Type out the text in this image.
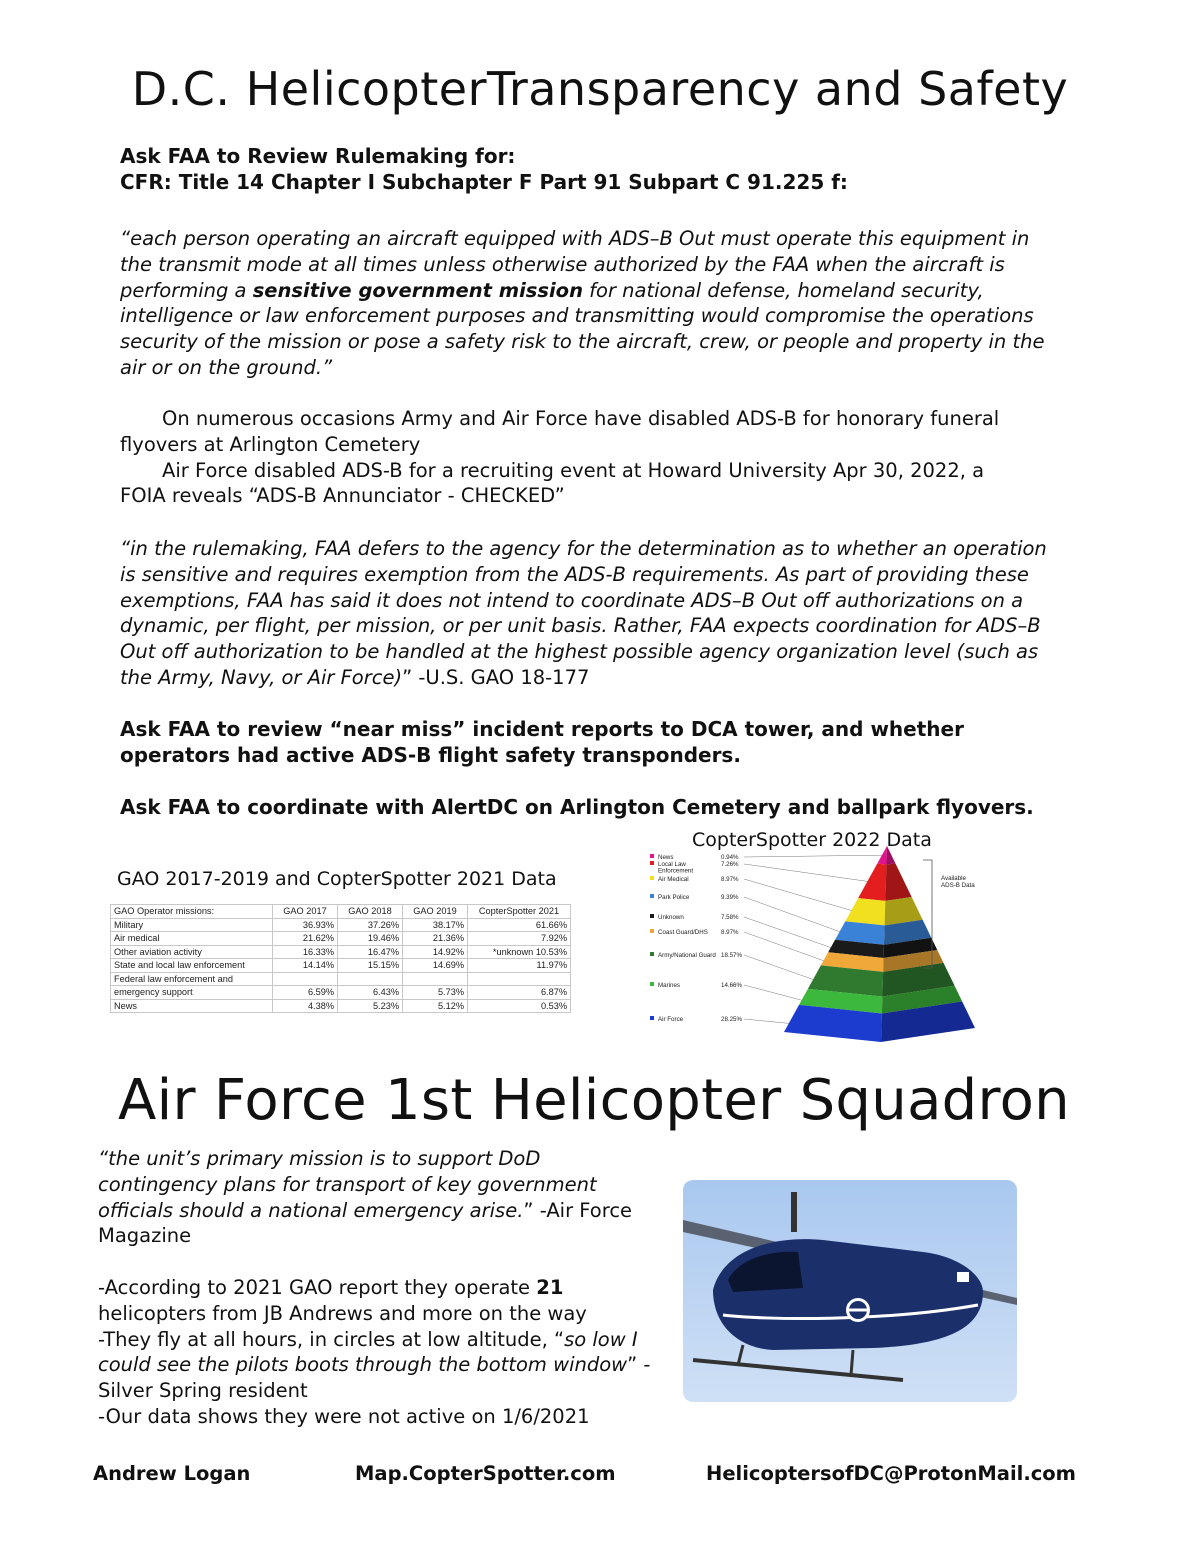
D.C. HelicopterTransparency and Safety
Ask FAA to Review Rulemaking for:
CFR: Title 14 Chapter I Subchapter F Part 91 Subpart C 91.225 f:
“each person operating an aircraft equipped with ADS–B Out must operate this equipment in the transmit mode at all times unless otherwise authorized by the FAA when the aircraft is performing a sensitive government mission for national defense, homeland security, intelligence or law enforcement purposes and transmitting would compromise the operations security of the mission or pose a safety risk to the aircraft, crew, or people and property in the air or on the ground.”
On numerous occasions Army and Air Force have disabled ADS-B for honorary funeral flyovers at Arlington Cemetery
Air Force disabled ADS-B for a recruiting event at Howard University Apr 30, 2022, a FOIA reveals “ADS-B Annunciator - CHECKED”
“in the rulemaking, FAA defers to the agency for the determination as to whether an operation is sensitive and requires exemption from the ADS-B requirements. As part of providing these exemptions, FAA has said it does not intend to coordinate ADS–B Out off authorizations on a dynamic, per flight, per mission, or per unit basis. Rather, FAA expects coordination for ADS–B Out off authorization to be handled at the highest possible agency organization level (such as the Army, Navy, or Air Force)” -U.S. GAO 18-177
Ask FAA to review “near miss” incident reports to DCA tower, and whether operators had active ADS-B flight safety transponders.
Ask FAA to coordinate with AlertDC on Arlington Cemetery and ballpark flyovers.
GAO 2017-2019 and CopterSpotter 2021 Data
GAO Operator missions:	GAO 2017	GAO 2018	GAO 2019	CopterSpotter 2021
Military	36.93%	37.26%	38.17%	61.66%
Air medical	21.62%	19.46%	21.36%	7.92%
Other aviation activity	16.33%	16.47%	14.92%	*unknown 10.53%
State and local law enforcement	14.14%	15.15%	14.69%	11.97%
Federal law enforcement and				
emergency support	6.59%	6.43%	5.73%	6.87%
News	4.38%	5.23%	5.12%	0.53%
CopterSpotter 2022 Data
News	0.94%
Local Law
Enforcement
7.26%
Air Medical	8.97%
Park Police	9.39%
Unknown	7.58%
Coast Guard/DHS 8.97%
Army/National Guard 18.57%
Marines	14.66%
Air Force	28.25%
Available
ADS-B Data
Air Force 1st Helicopter Squadron
“the unit’s primary mission is to support DoD contingency plans for transport of key government officials should a national emergency arise.” -Air Force Magazine
-According to 2021 GAO report they operate 21 helicopters from JB Andrews and more on the way
-They fly at all hours, in circles at low altitude, “so low I could see the pilots boots through the bottom window” - Silver Spring resident
-Our data shows they were not active on 1/6/2021
Andrew Logan	Map.CopterSpotter.com	HelicoptersofDC@ProtonMail.com
